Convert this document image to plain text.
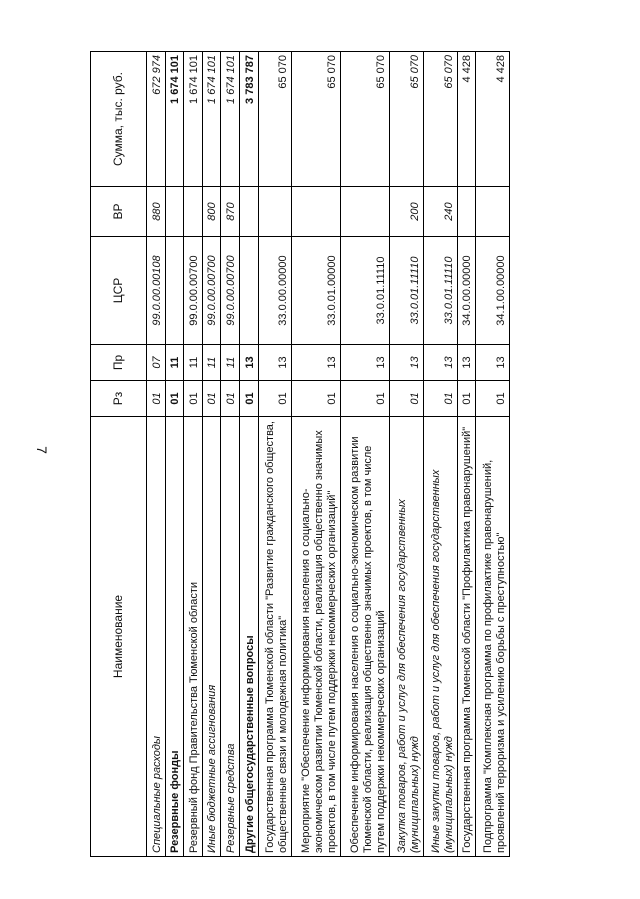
7
Наименование	Рз	Пр	ЦСР	ВР	Сумма, тыс. руб.
Специальные расходы	01	07	99.0.00.00108	880	672 974
Резервные фонды	01	11			1 674 101
Резервный фонд Правительства Тюменской области	01	11	99.0.00.00700		1 674 101
Иные бюджетные ассигнования	01	11	99.0.00.00700	800	1 674 101
Резервные средства	01	11	99.0.00.00700	870	1 674 101
Другие общегосударственные вопросы	01	13			3 783 787
Государственная программа Тюменской области "Развитие гражданского общества, общественные связи и молодежная политика"	01	13	33.0.00.00000		65 070
Мероприятие "Обеспечение информирования населения о социально-экономическом развитии Тюменской области, реализация общественно значимых проектов, в том числе путем поддержки некоммерческих организаций"	01	13	33.0.01.00000		65 070
Обеспечение информирования населения о социально-экономическом развитии Тюменской области, реализация общественно значимых проектов, в том числе путем поддержки некоммерческих организаций	01	13	33.0.01.11110		65 070
Закупка товаров, работ и услуг для обеспечения государственных (муниципальных) нужд	01	13	33.0.01.11110	200	65 070
Иные закупки товаров, работ и услуг для обеспечения государственных (муниципальных) нужд	01	13	33.0.01.11110	240	65 070
Государственная программа Тюменской области "Профилактика правонарушений"	01	13	34.0.00.00000		4 428
Подпрограмма "Комплексная программа по профилактике правонарушений, проявлений терроризма и усилению борьбы с преступностью"	01	13	34.1.00.00000		4 428
